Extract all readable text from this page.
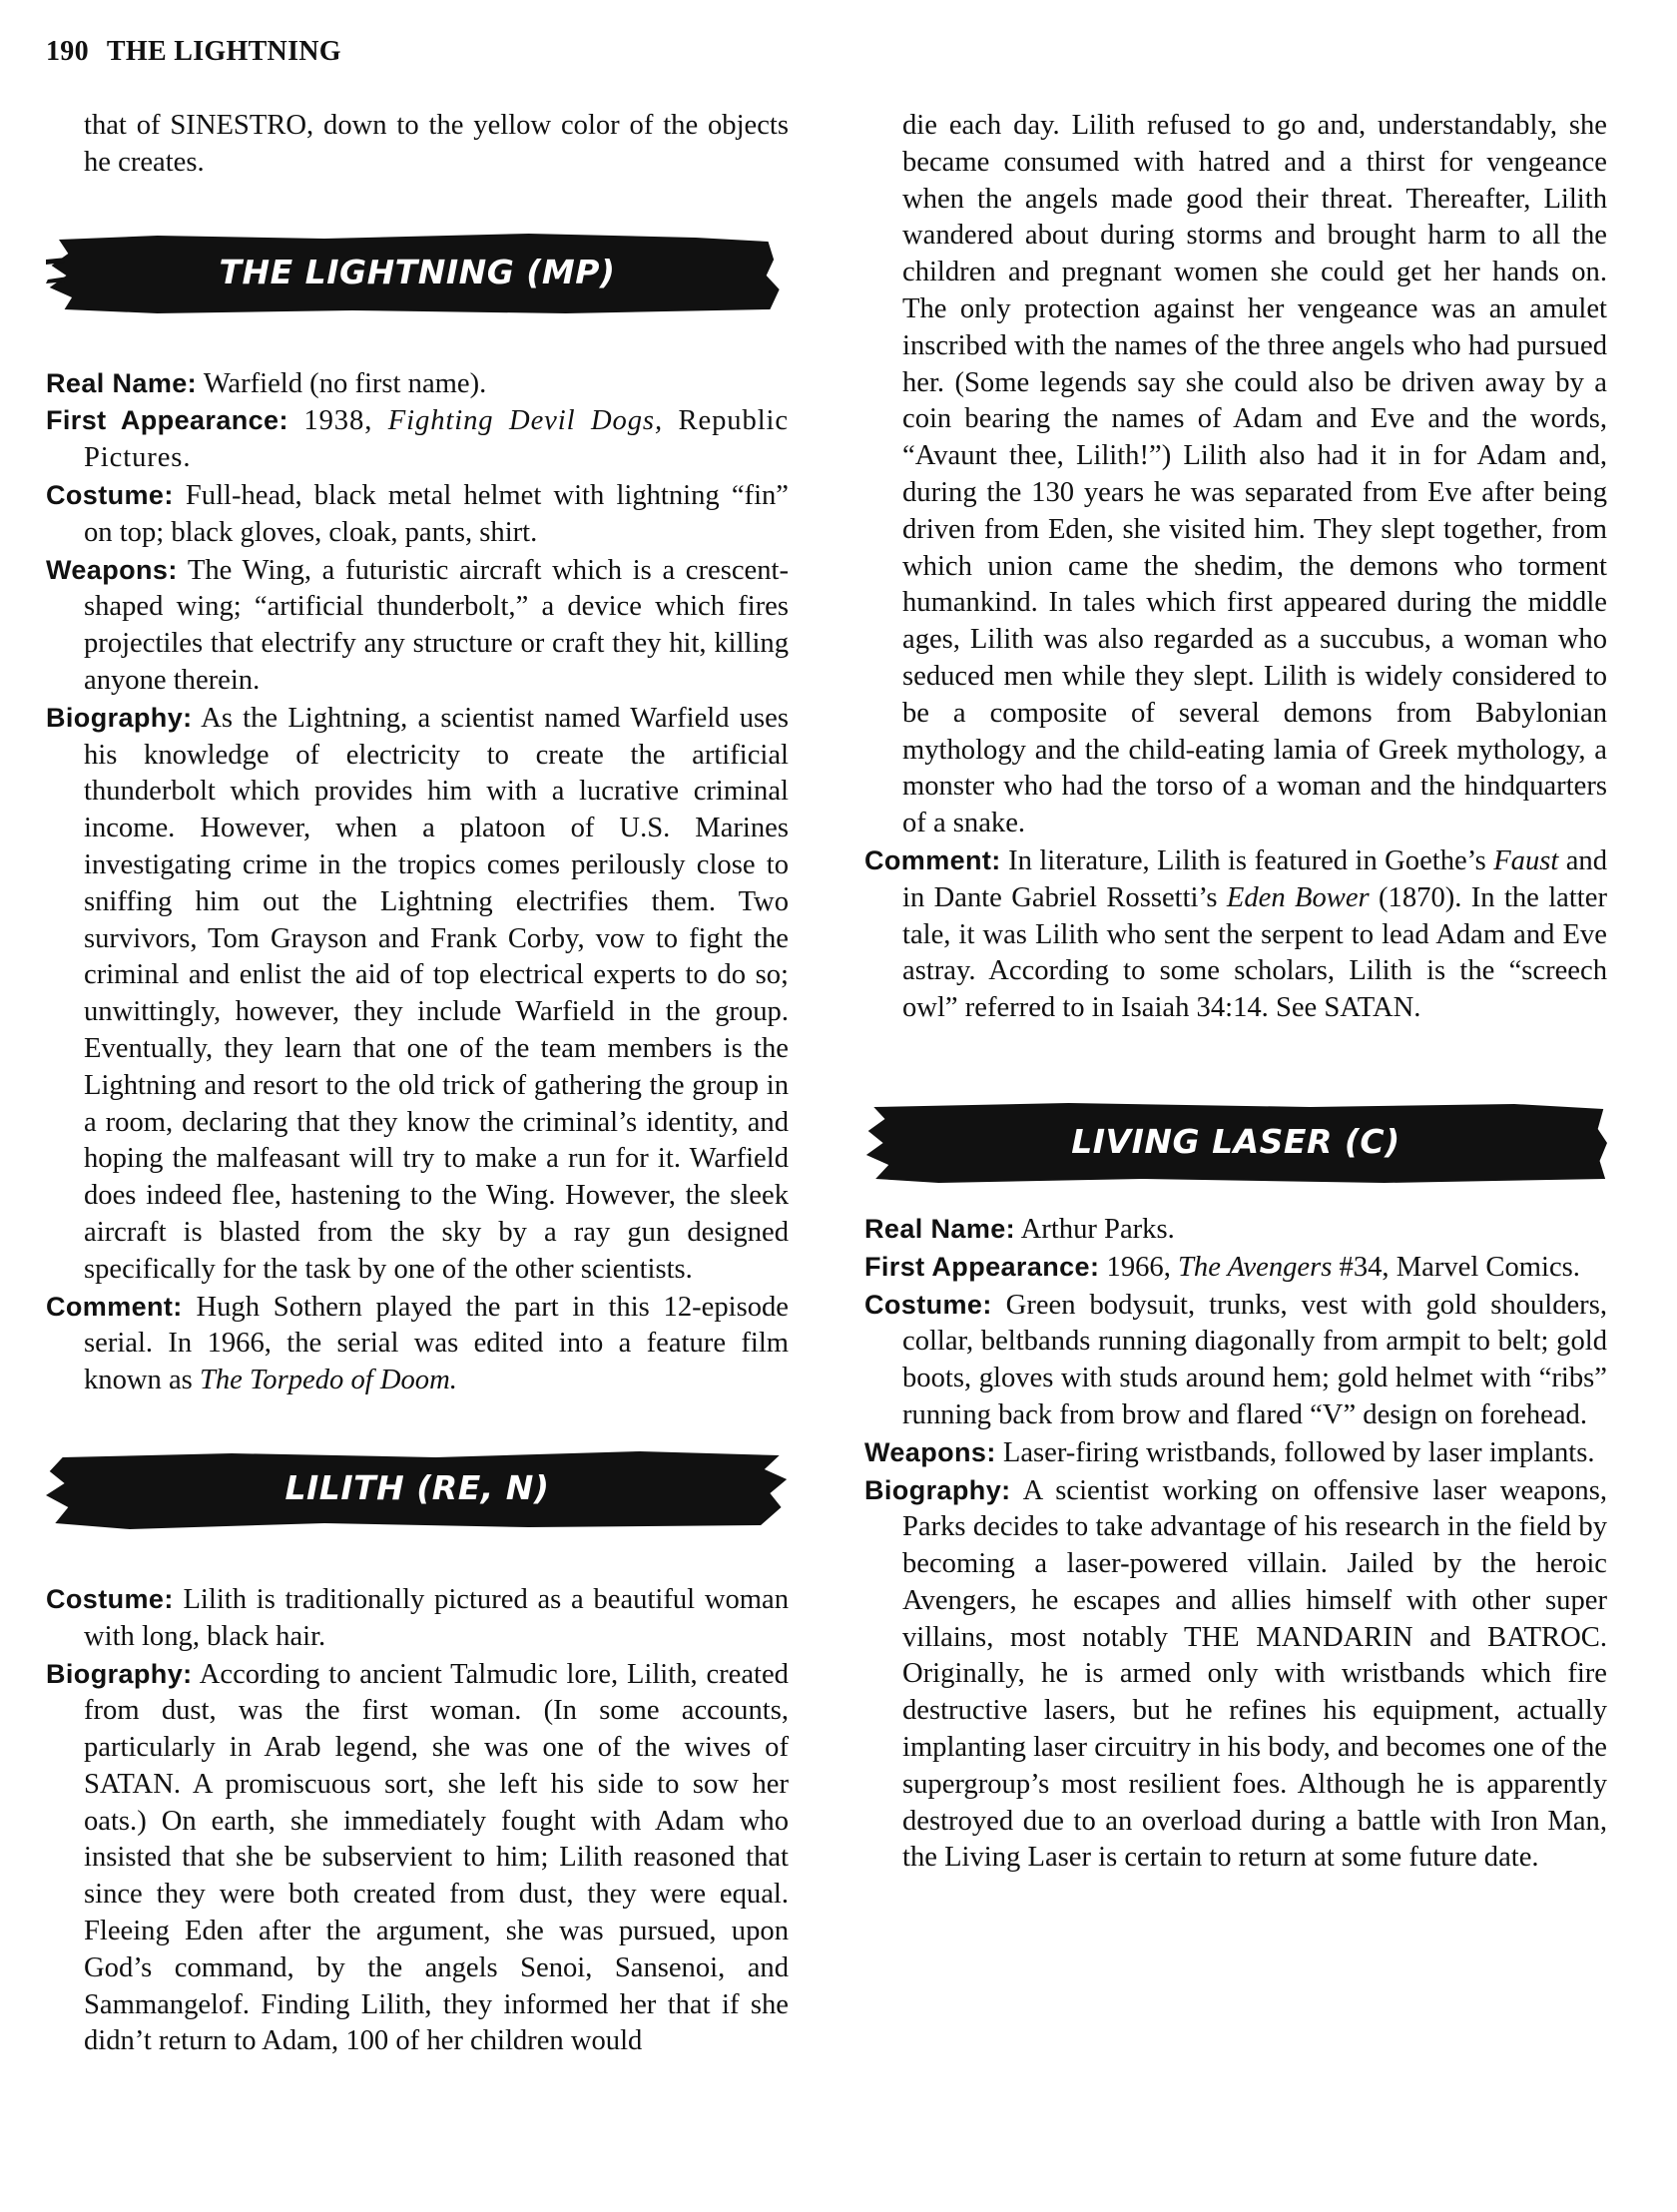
190 THE LIGHTNING

that of SINESTRO, down to the yellow color of the objects he creates.

THE LIGHTNING (MP)

Real Name: Warfield (no first name).

First Appearance: 1938, Fighting Devil Dogs, Republic Pictures.

Costume: Full-head, black metal helmet with lightning “fin” on top; black gloves, cloak, pants, shirt.

Weapons: The Wing, a futuristic aircraft which is a crescent-shaped wing; “artificial thunderbolt,” a device which fires projectiles that electrify any structure or craft they hit, killing anyone therein.

Biography: As the Lightning, a scientist named Warfield uses his knowledge of electricity to create the artificial thunderbolt which provides him with a lucrative criminal income. However, when a platoon of U.S. Marines investigating crime in the tropics comes perilously close to sniffing him out the Lightning electrifies them. Two survivors, Tom Grayson and Frank Corby, vow to fight the criminal and enlist the aid of top electrical experts to do so; unwittingly, however, they include Warfield in the group. Eventually, they learn that one of the team members is the Lightning and resort to the old trick of gathering the group in a room, declaring that they know the criminal’s identity, and hoping the malfeasant will try to make a run for it. Warfield does indeed flee, hastening to the Wing. However, the sleek aircraft is blasted from the sky by a ray gun designed specifically for the task by one of the other scientists.

Comment: Hugh Sothern played the part in this 12-episode serial. In 1966, the serial was edited into a feature film known as The Torpedo of Doom.

LILITH (RE, N)

Costume: Lilith is traditionally pictured as a beautiful woman with long, black hair.

Biography: According to ancient Talmudic lore, Lilith, created from dust, was the first woman. (In some accounts, particularly in Arab legend, she was one of the wives of SATAN. A promiscuous sort, she left his side to sow her oats.) On earth, she immediately fought with Adam who insisted that she be subservient to him; Lilith reasoned that since they were both created from dust, they were equal. Fleeing Eden after the argument, she was pursued, upon God’s command, by the angels Senoi, Sansenoi, and Sammangelof. Finding Lilith, they informed her that if she didn’t return to Adam, 100 of her children would

die each day. Lilith refused to go and, understandably, she became consumed with hatred and a thirst for vengeance when the angels made good their threat. Thereafter, Lilith wandered about during storms and brought harm to all the children and pregnant women she could get her hands on. The only protection against her vengeance was an amulet inscribed with the names of the three angels who had pursued her. (Some legends say she could also be driven away by a coin bearing the names of Adam and Eve and the words, “Avaunt thee, Lilith!”) Lilith also had it in for Adam and, during the 130 years he was separated from Eve after being driven from Eden, she visited him. They slept together, from which union came the shedim, the demons who torment humankind. In tales which first appeared during the middle ages, Lilith was also regarded as a succubus, a woman who seduced men while they slept. Lilith is widely considered to be a composite of several demons from Babylonian mythology and the child-eating lamia of Greek mythology, a monster who had the torso of a woman and the hindquarters of a snake.

Comment: In literature, Lilith is featured in Goethe’s Faust and in Dante Gabriel Rossetti’s Eden Bower (1870). In the latter tale, it was Lilith who sent the serpent to lead Adam and Eve astray. According to some scholars, Lilith is the “screech owl” referred to in Isaiah 34:14. See SATAN.

LIVING LASER (C)

Real Name: Arthur Parks.

First Appearance: 1966, The Avengers #34, Marvel Comics.

Costume: Green bodysuit, trunks, vest with gold shoulders, collar, beltbands running diagonally from armpit to belt; gold boots, gloves with studs around hem; gold helmet with “ribs” running back from brow and flared “V” design on forehead.

Weapons: Laser-firing wristbands, followed by laser implants.

Biography: A scientist working on offensive laser weapons, Parks decides to take advantage of his research in the field by becoming a laser-powered villain. Jailed by the heroic Avengers, he escapes and allies himself with other super villains, most notably THE MANDARIN and BATROC. Originally, he is armed only with wristbands which fire destructive lasers, but he refines his equipment, actually implanting laser circuitry in his body, and becomes one of the supergroup’s most resilient foes. Although he is apparently destroyed due to an overload during a battle with Iron Man, the Living Laser is certain to return at some future date.
